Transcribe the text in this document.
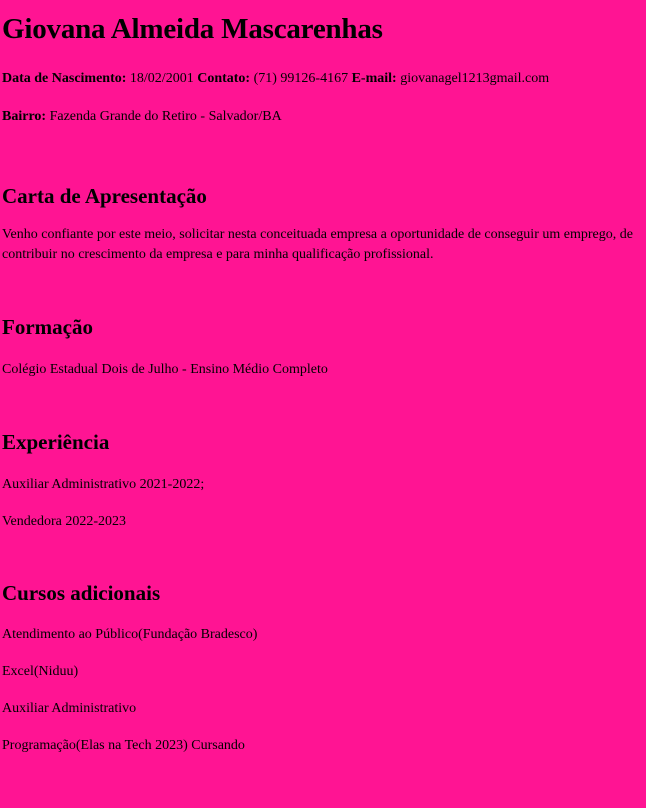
Giovana Almeida Mascarenhas

Data de Nascimento: 18/02/2001 Contato: (71) 99126-4167 E-mail: giovanagel1213gmail.com

Bairro: Fazenda Grande do Retiro - Salvador/BA

Carta de Apresentação

Venho confiante por este meio, solicitar nesta conceituada empresa a oportunidade de conseguir um emprego, de contribuir no crescimento da empresa e para minha qualificação profissional.

Formação

Colégio Estadual Dois de Julho - Ensino Médio Completo

Experiência

Auxiliar Administrativo 2021-2022;

Vendedora 2022-2023

Cursos adicionais

Atendimento ao Público(Fundação Bradesco)

Excel(Niduu)

Auxiliar Administrativo

Programação(Elas na Tech 2023) Cursando
